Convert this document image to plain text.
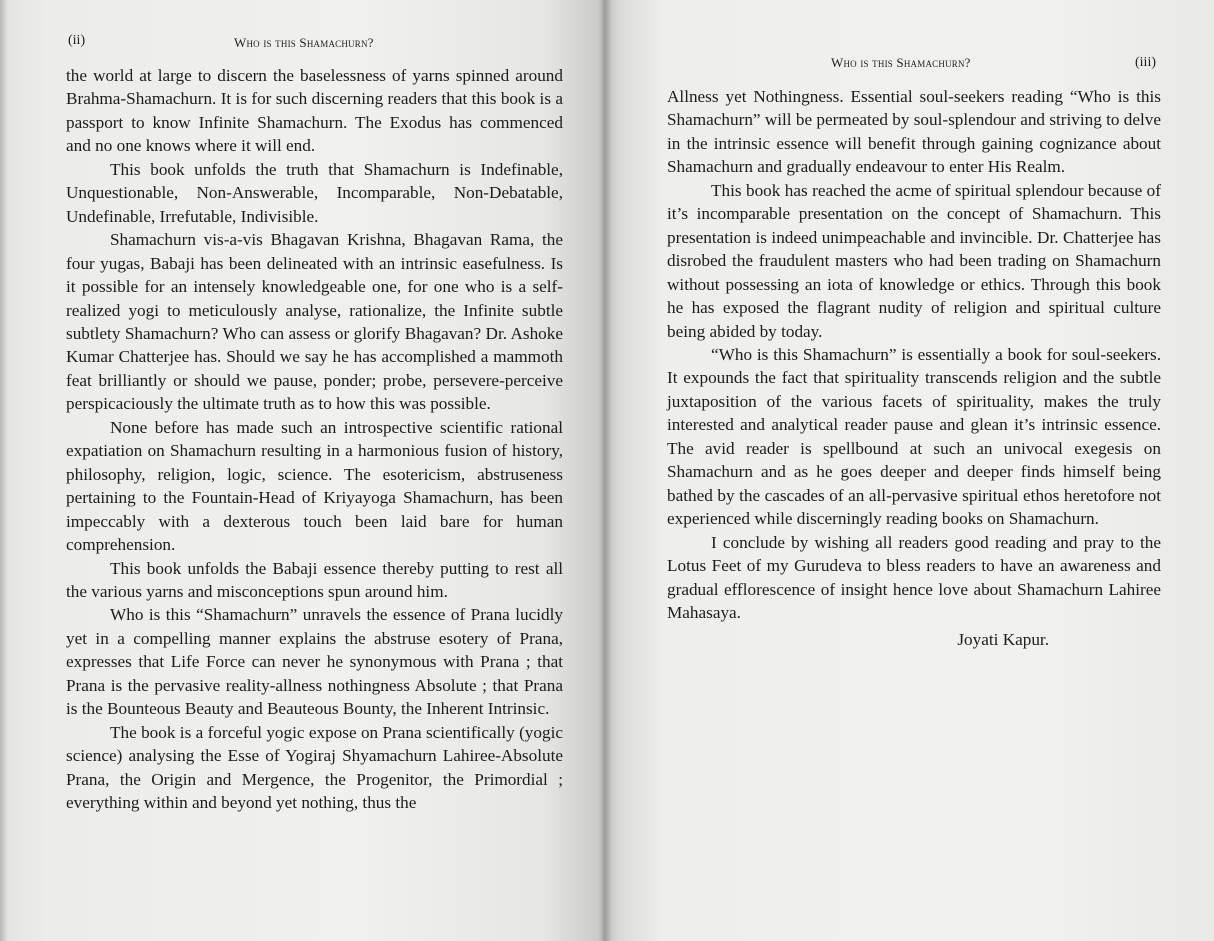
(ii)	Who is this Shamachurn?

the world at large to discern the baselessness of yarns spinned around Brahma-Shamachurn. It is for such discerning readers that this book is a passport to know Infinite Shamachurn. The Exodus has commenced and no one knows where it will end.

This book unfolds the truth that Shamachurn is Indefinable, Unquestionable, Non-Answerable, Incomparable, Non-Debatable, Undefinable, Irrefutable, Indivisible.

Shamachurn vis-a-vis Bhagavan Krishna, Bhagavan Rama, the four yugas, Babaji has been delineated with an intrinsic easefulness. Is it possible for an intensely knowledgeable one, for one who is a self-realized yogi to meticulously analyse, rationalize, the Infinite subtle subtlety Shamachurn? Who can assess or glorify Bhagavan? Dr. Ashoke Kumar Chatterjee has. Should we say he has accomplished a mammoth feat brilliantly or should we pause, ponder; probe, persevere-perceive perspicaciously the ultimate truth as to how this was possible.

None before has made such an introspective scientific rational expatiation on Shamachurn resulting in a harmonious fusion of history, philosophy, religion, logic, science. The esotericism, abstruseness pertaining to the Fountain-Head of Kriyayoga Shamachurn, has been impeccably with a dexterous touch been laid bare for human comprehension.

This book unfolds the Babaji essence thereby putting to rest all the various yarns and misconceptions spun around him.

Who is this “Shamachurn” unravels the essence of Prana lucidly yet in a compelling manner explains the abstruse esotery of Prana, expresses that Life Force can never he synonymous with Prana ; that Prana is the pervasive reality-allness nothingness Absolute ; that Prana is the Bounteous Beauty and Beauteous Bounty, the Inherent Intrinsic.

The book is a forceful yogic expose on Prana scientifically (yogic science) analysing the Esse of Yogiraj Shyamachurn Lahiree-Absolute Prana, the Origin and Mergence, the Progenitor, the Primordial ; everything within and beyond yet nothing, thus the

Who is this Shamachurn?	(iii)

Allness yet Nothingness. Essential soul-seekers reading “Who is this Shamachurn” will be permeated by soul-splendour and striving to delve in the intrinsic essence will benefit through gaining cognizance about Shamachurn and gradually endeavour to enter His Realm.

This book has reached the acme of spiritual splendour because of it’s incomparable presentation on the concept of Shamachurn. This presentation is indeed unimpeachable and invincible. Dr. Chatterjee has disrobed the fraudulent masters who had been trading on Shamachurn without possessing an iota of knowledge or ethics. Through this book he has exposed the flagrant nudity of religion and spiritual culture being abided by today.

“Who is this Shamachurn” is essentially a book for soul-seekers. It expounds the fact that spirituality transcends religion and the subtle juxtaposition of the various facets of spirituality, makes the truly interested and analytical reader pause and glean it’s intrinsic essence. The avid reader is spellbound at such an univocal exegesis on Shamachurn and as he goes deeper and deeper finds himself being bathed by the cascades of an all-pervasive spiritual ethos heretofore not experienced while discerningly reading books on Shamachurn.

I conclude by wishing all readers good reading and pray to the Lotus Feet of my Gurudeva to bless readers to have an awareness and gradual efflorescence of insight hence love about Shamachurn Lahiree Mahasaya.

Joyati Kapur.
